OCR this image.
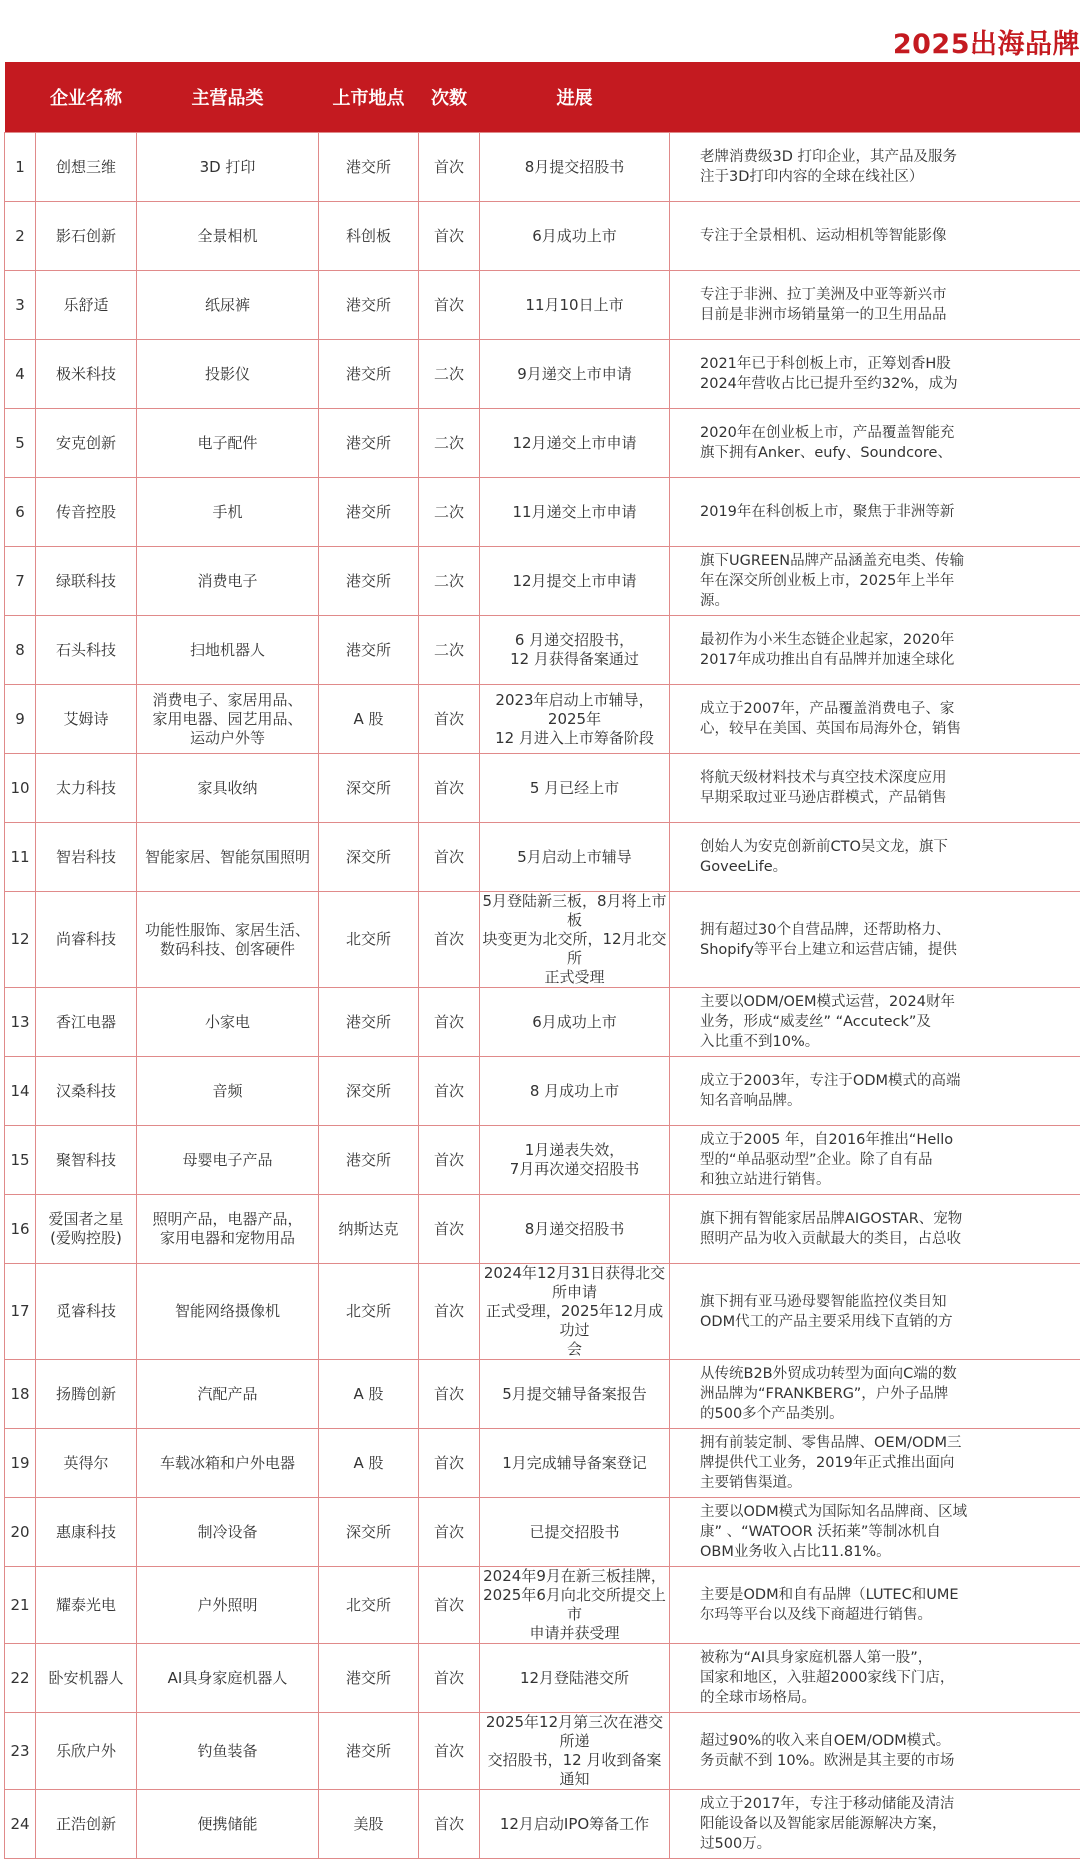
2025出海品牌
	企业名称	主营品类	上市地点	次数	进展	
1	创想三维	3D 打印	港交所	首次	8月提交招股书	老牌消费级3D 打印企业，其产品及服务
注于3D打印内容的全球在线社区）

2	影石创新	全景相机	科创板	首次	6月成功上市	专注于全景相机、运动相机等智能影像

3	乐舒适	纸尿裤	港交所	首次	11月10日上市	专注于非洲、拉丁美洲及中亚等新兴市
目前是非洲市场销量第一的卫生用品品

4	极米科技	投影仪	港交所	二次	9月递交上市申请	2021年已于科创板上市，正筹划香H股
2024年营收占比已提升至约32%，成为

5	安克创新	电子配件	港交所	二次	12月递交上市申请	2020年在创业板上市，产品覆盖智能充
旗下拥有Anker、eufy、Soundcore、

6	传音控股	手机	港交所	二次	11月递交上市申请	2019年在科创板上市，聚焦于非洲等新

7	绿联科技	消费电子	港交所	二次	12月提交上市申请	旗下UGREEN品牌产品涵盖充电类、传输
年在深交所创业板上市，2025年上半年
源。

8	石头科技	扫地机器人	港交所	二次	6 月递交招股书，
12 月获得备案通过	最初作为小米生态链企业起家，2020年
2017年成功推出自有品牌并加速全球化

9	艾姆诗	消费电子、家居用品、
家用电器、园艺用品、
运动户外等	A 股	首次	2023年启动上市辅导，2025年
12 月进入上市筹备阶段	成立于2007年，产品覆盖消费电子、家
心，较早在美国、英国布局海外仓，销售

10	太力科技	家具收纳	深交所	首次	5 月已经上市	将航天级材料技术与真空技术深度应用
早期采取过亚马逊店群模式，产品销售

11	智岩科技	智能家居、智能氛围照明	深交所	首次	5月启动上市辅导	创始人为安克创新前CTO吴文龙，旗下
GoveeLife。

12	尚睿科技	功能性服饰、家居生活、
数码科技、创客硬件	北交所	首次	5月登陆新三板，8月将上市板
块变更为北交所，12月北交所
正式受理	拥有超过30个自营品牌，还帮助格力、
Shopify等平台上建立和运营店铺，提供

13	香江电器	小家电	港交所	首次	6月成功上市	主要以ODM/OEM模式运营，2024财年
业务，形成“威麦丝” “Accuteck”及
入比重不到10%。

14	汉桑科技	音频	深交所	首次	8 月成功上市	成立于2003年，专注于ODM模式的高端
知名音响品牌。

15	聚智科技	母婴电子产品	港交所	首次	1月递表失效，
7月再次递交招股书	成立于2005 年，自2016年推出“Hello
型的“单品驱动型”企业。除了自有品
和独立站进行销售。

16	爱国者之星
(爱购控股)	照明产品，电器产品，
家用电器和宠物用品	纳斯达克	首次	8月递交招股书	旗下拥有智能家居品牌AIGOSTAR、宠物
照明产品为收入贡献最大的类目，占总收

17	觅睿科技	智能网络摄像机	北交所	首次	2024年12月31日获得北交所申请
正式受理，2025年12月成功过
会	旗下拥有亚马逊母婴智能监控仪类目知
ODM代工的产品主要采用线下直销的方

18	扬腾创新	汽配产品	A 股	首次	5月提交辅导备案报告	从传统B2B外贸成功转型为面向C端的数
洲品牌为“FRANKBERG”，户外子品牌
的500多个产品类别。

19	英得尔	车载冰箱和户外电器	A 股	首次	1月完成辅导备案登记	拥有前装定制、零售品牌、OEM/ODM三
牌提供代工业务，2019年正式推出面向
主要销售渠道。

20	惠康科技	制冷设备	深交所	首次	已提交招股书	主要以ODM模式为国际知名品牌商、区域
康” 、“WATOOR 沃拓莱”等制冰机自
OBM业务收入占比11.81%。

21	耀泰光电	户外照明	北交所	首次	2024年9月在新三板挂牌，
2025年6月向北交所提交上市
申请并获受理	主要是ODM和自有品牌（LUTEC和UME
尔玛等平台以及线下商超进行销售。

22	卧安机器人	AI具身家庭机器人	港交所	首次	12月登陆港交所	被称为“AI具身家庭机器人第一股”，
国家和地区，入驻超2000家线下门店，
的全球市场格局。

23	乐欣户外	钓鱼装备	港交所	首次	2025年12月第三次在港交所递
交招股书，12 月收到备案通知	超过90%的收入来自OEM/ODM模式。
务贡献不到 10%。欧洲是其主要的市场

24	正浩创新	便携储能	美股	首次	12月启动IPO筹备工作	成立于2017年，专注于移动储能及清洁
阳能设备以及智能家居能源解决方案，
过500万。
